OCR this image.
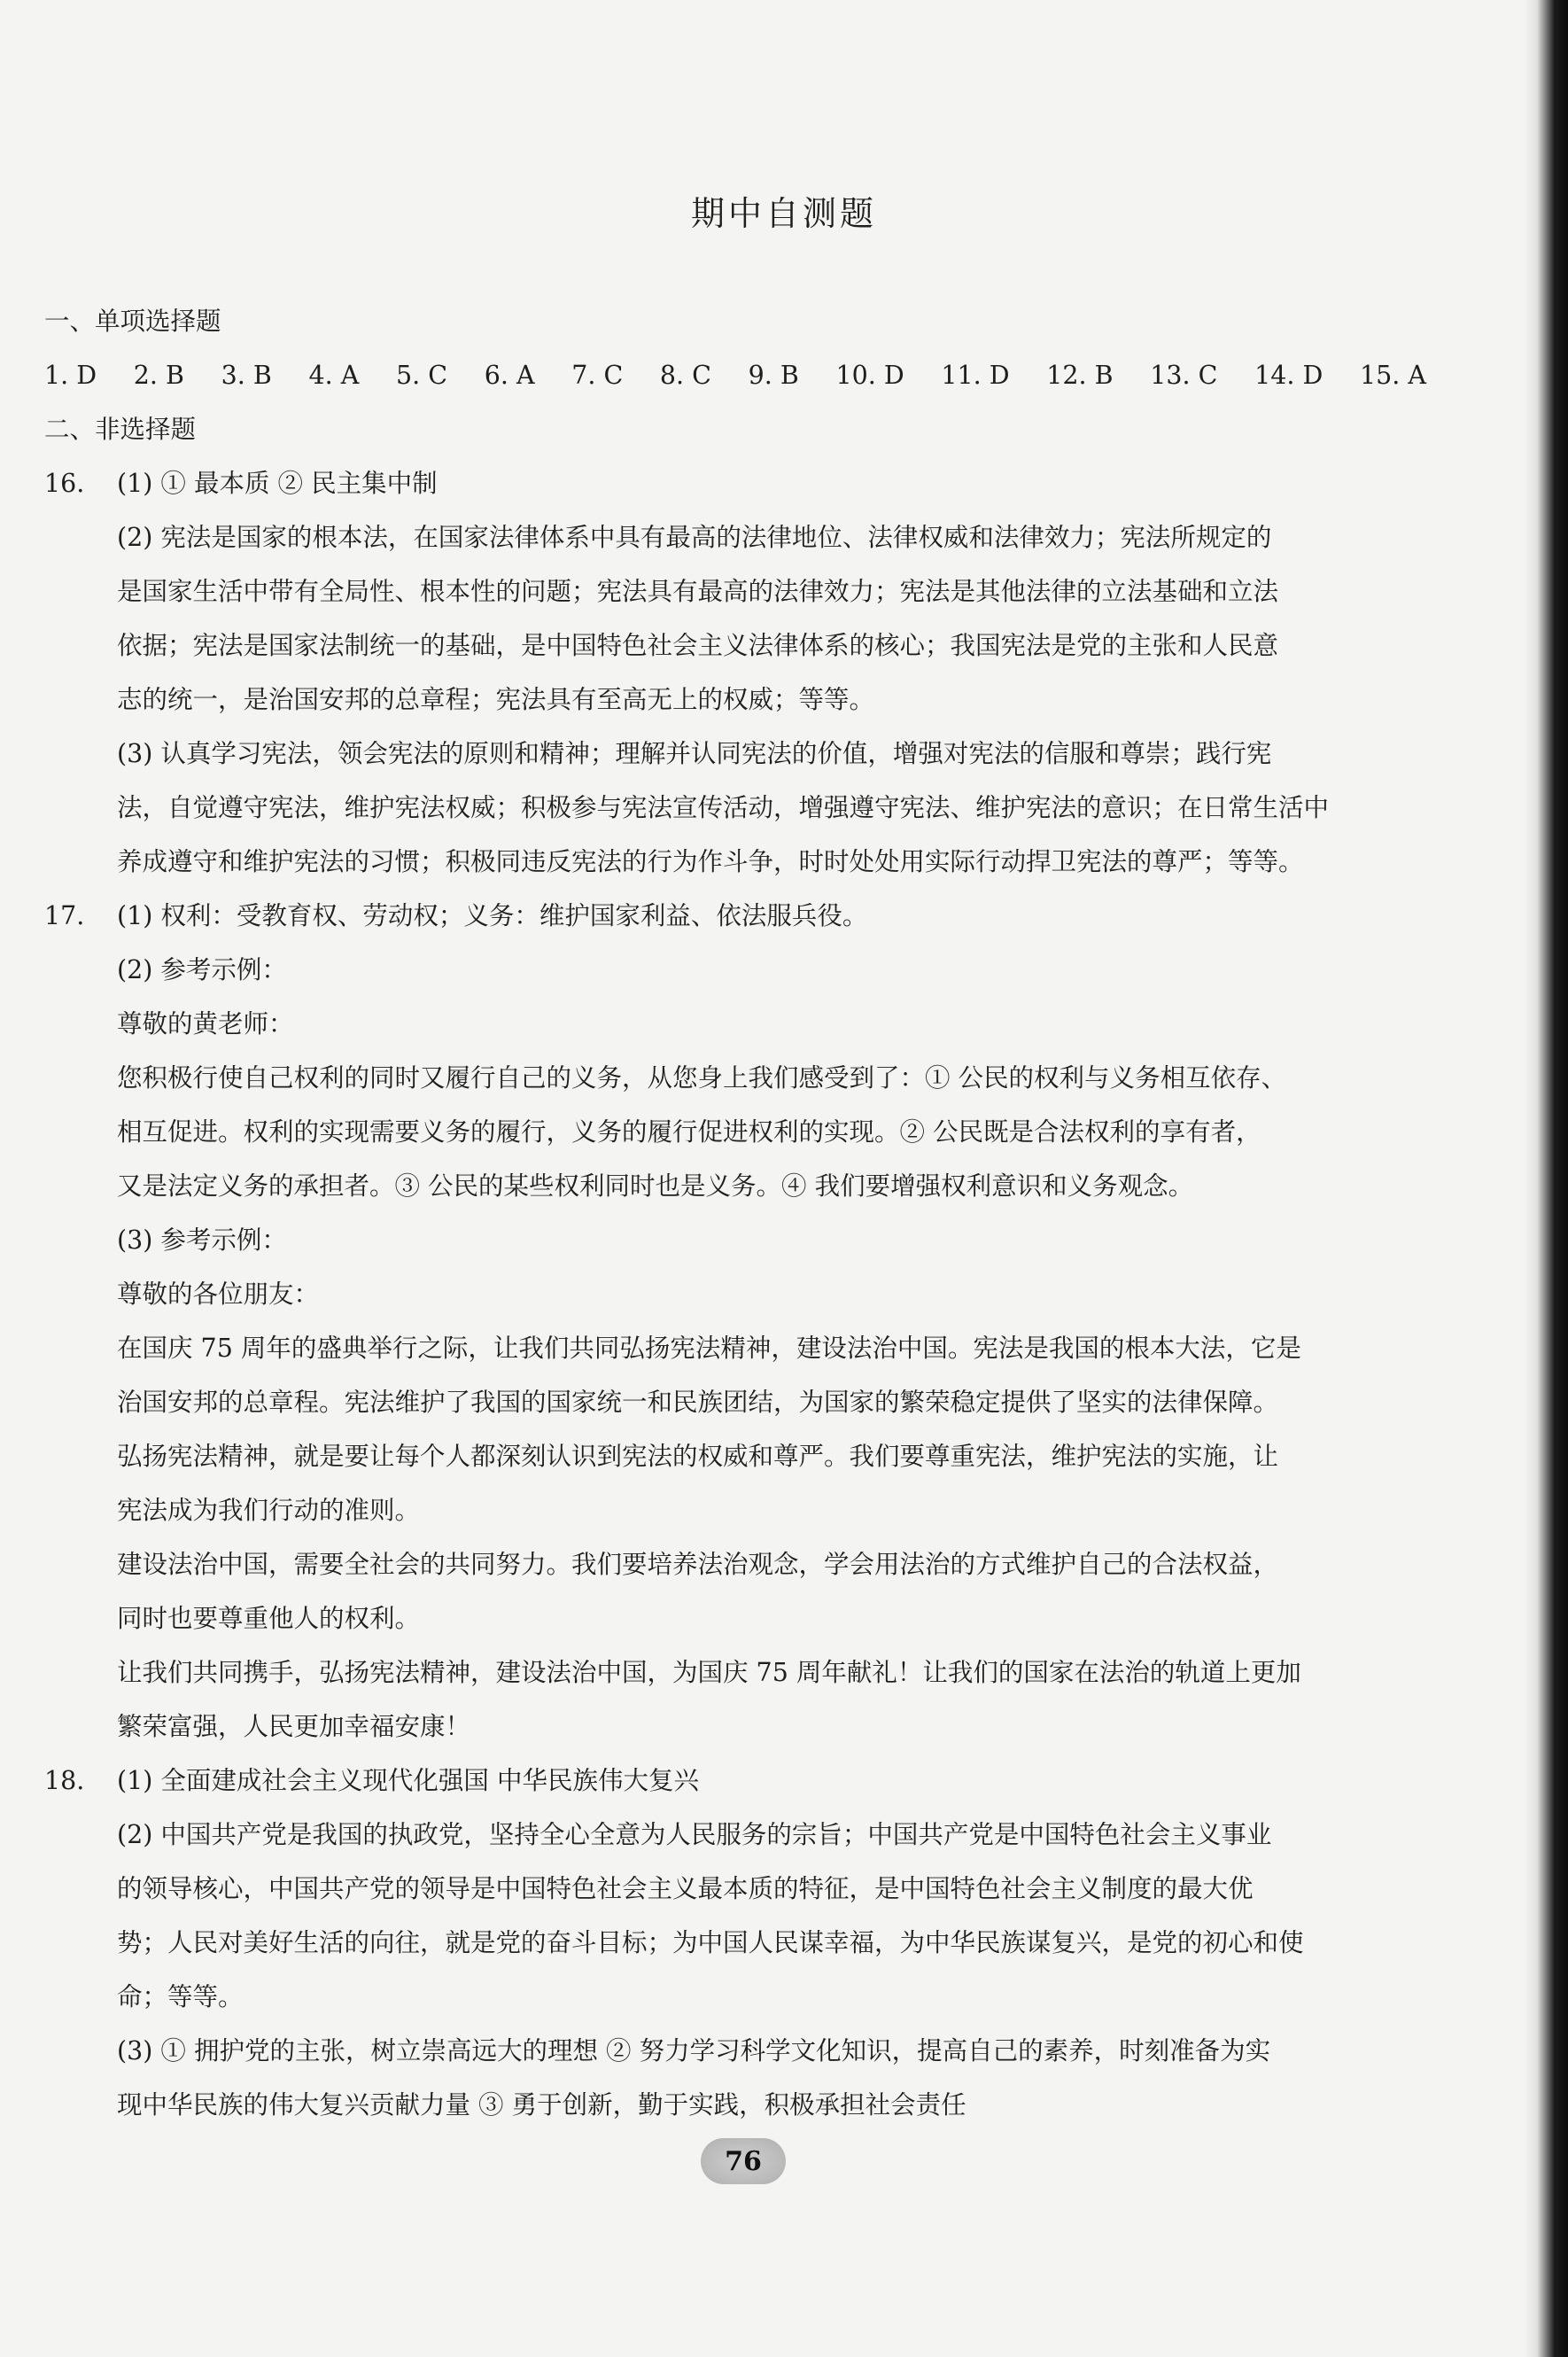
期中自测题
一、单项选择题
1. D 2. B 3. B 4. A 5. C 6. A 7. C 8. C 9. B 10. D 11. D 12. B 13. C 14. D 15. A
二、非选择题
16. (1) ① 最本质 ② 民主集中制
(2) 宪法是国家的根本法，在国家法律体系中具有最高的法律地位、法律权威和法律效力；宪法所规定的
是国家生活中带有全局性、根本性的问题；宪法具有最高的法律效力；宪法是其他法律的立法基础和立法
依据；宪法是国家法制统一的基础，是中国特色社会主义法律体系的核心；我国宪法是党的主张和人民意
志的统一，是治国安邦的总章程；宪法具有至高无上的权威；等等。
(3) 认真学习宪法，领会宪法的原则和精神；理解并认同宪法的价值，增强对宪法的信服和尊崇；践行宪
法，自觉遵守宪法，维护宪法权威；积极参与宪法宣传活动，增强遵守宪法、维护宪法的意识；在日常生活中
养成遵守和维护宪法的习惯；积极同违反宪法的行为作斗争，时时处处用实际行动捍卫宪法的尊严；等等。
17. (1) 权利：受教育权、劳动权；义务：维护国家利益、依法服兵役。
(2) 参考示例：
尊敬的黄老师：
您积极行使自己权利的同时又履行自己的义务，从您身上我们感受到了：① 公民的权利与义务相互依存、
相互促进。权利的实现需要义务的履行，义务的履行促进权利的实现。② 公民既是合法权利的享有者，
又是法定义务的承担者。③ 公民的某些权利同时也是义务。④ 我们要增强权利意识和义务观念。
(3) 参考示例：
尊敬的各位朋友：
在国庆 75 周年的盛典举行之际，让我们共同弘扬宪法精神，建设法治中国。宪法是我国的根本大法，它是
治国安邦的总章程。宪法维护了我国的国家统一和民族团结，为国家的繁荣稳定提供了坚实的法律保障。
弘扬宪法精神，就是要让每个人都深刻认识到宪法的权威和尊严。我们要尊重宪法，维护宪法的实施，让
宪法成为我们行动的准则。
建设法治中国，需要全社会的共同努力。我们要培养法治观念，学会用法治的方式维护自己的合法权益，
同时也要尊重他人的权利。
让我们共同携手，弘扬宪法精神，建设法治中国，为国庆 75 周年献礼！让我们的国家在法治的轨道上更加
繁荣富强，人民更加幸福安康！
18. (1) 全面建成社会主义现代化强国 中华民族伟大复兴
(2) 中国共产党是我国的执政党，坚持全心全意为人民服务的宗旨；中国共产党是中国特色社会主义事业
的领导核心，中国共产党的领导是中国特色社会主义最本质的特征，是中国特色社会主义制度的最大优
势；人民对美好生活的向往，就是党的奋斗目标；为中国人民谋幸福，为中华民族谋复兴，是党的初心和使
命；等等。
(3) ① 拥护党的主张，树立崇高远大的理想 ② 努力学习科学文化知识，提高自己的素养，时刻准备为实
现中华民族的伟大复兴贡献力量 ③ 勇于创新，勤于实践，积极承担社会责任
76
